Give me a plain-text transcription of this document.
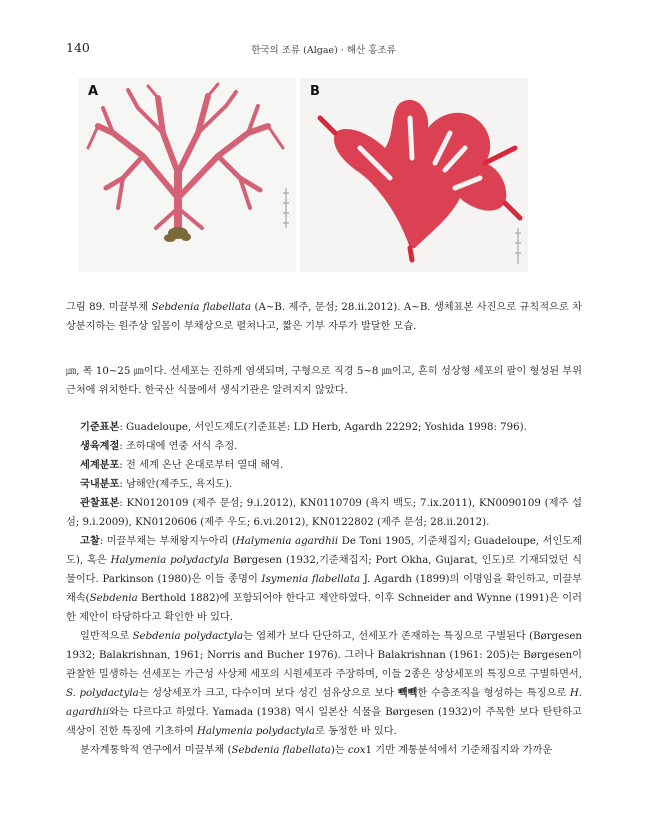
140	한국의 조류 (Algae) · 해산 홍조류
A	B
그림 89. 미끌부채 Sebdenia flabellata (A~B. 제주, 문섬; 28.ii.2012). A~B. 생체표본 사진으로 규칙적으로 차상분지하는 원주상 잎몸이 부채상으로 펼쳐나고, 짧은 기부 자루가 발달한 모습.

㎛, 폭 10~25 ㎛이다. 선세포는 진하게 염색되며, 구형으로 직경 5~8 ㎛이고, 흔히 성상형 세포의 팔이 형성된 부위 근처에 위치한다. 한국산 식물에서 생식기관은 알려지지 않았다.

기준표본: Guadeloupe, 서인도제도(기준표본: LD Herb, Agardh 22292; Yoshida 1998: 796).

생육계절: 조하대에 연중 서식 추정.

세계분포: 전 세계 온난 온대로부터 열대 해역.

국내분포: 남해안(제주도, 욕지도).

관찰표본: KN0120109 (제주 문섬; 9.i.2012), KN0110709 (욕지 백도; 7.ix.2011), KN0090109 (제주 섭섬; 9.i.2009), KN0120606 (제주 우도; 6.vi.2012), KN0122802 (제주 문섬; 28.ii.2012).

고찰: 미끌부채는 부채왕지누아리 (Halymenia agardhii De Toni 1905, 기준채집지; Guadeloupe, 서인도제도), 혹은 Halymenia polydactyla Børgesen (1932,기준채집지; Port Okha, Gujarat, 인도)로 기재되었던 식물이다. Parkinson (1980)은 이들 종명이 Isymenia flabellata J. Agardh (1899)의 이명임을 확인하고, 미끌부채속(Sebdenia Berthold 1882)에 포함되어야 한다고 제안하였다. 이후 Schneider and Wynne (1991)은 이러한 제안이 타당하다고 확인한 바 있다.

일반적으로 Sebdenia polydactyla는 엽체가 보다 단단하고, 선세포가 존재하는 특징으로 구별된다 (Børgesen 1932; Balakrishnan, 1961; Norris and Bucher 1976). 그러나 Balakrishnan (1961: 205)는 Børgesen이 관찰한 밀생하는 선세포는 가근성 사상체 세포의 시원세포라 주장하며, 이들 2종은 상상세포의 특징으로 구별하면서, S. polydactyla는 성상세포가 크고, 다수이며 보다 성긴 섬유상으로 보다 빽빽한 수층조직을 형성하는 특징으로 H. agardhii와는 다르다고 하였다. Yamada (1938) 역시 일본산 식물을 Børgesen (1932)이 주목한 보다 탄탄하고 색상이 진한 특징에 기초하여 Halymenia polydactyla로 동정한 바 있다.

분자계통학적 연구에서 미끌부채 (Sebdenia flabellata)는 cox1 기반 계통분석에서 기준채집지와 가까운
